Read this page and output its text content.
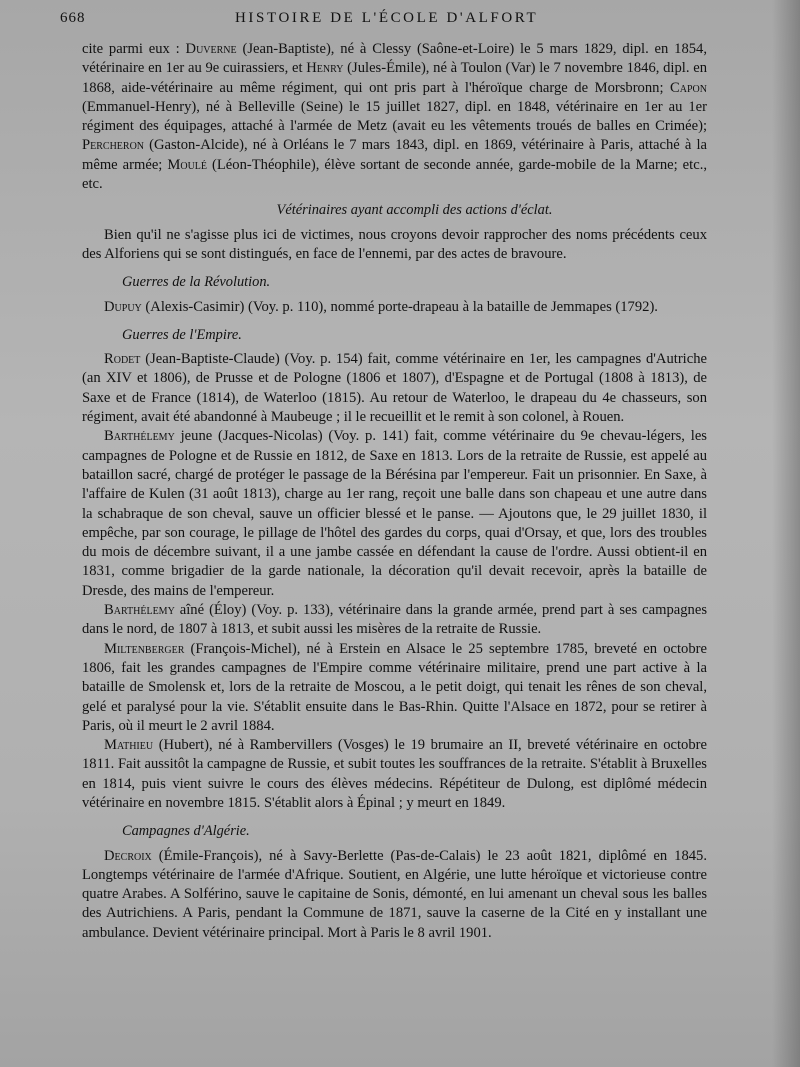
668	HISTOIRE DE L'ÉCOLE D'ALFORT

cite parmi eux : Duverne (Jean-Baptiste), né à Clessy (Saône-et-Loire) le 5 mars 1829, dipl. en 1854, vétérinaire en 1er au 9e cuirassiers, et Henry (Jules-Émile), né à Toulon (Var) le 7 novembre 1846, dipl. en 1868, aide-vétérinaire au même régiment, qui ont pris part à l'héroïque charge de Morsbronn; Capon (Emmanuel-Henry), né à Belleville (Seine) le 15 juillet 1827, dipl. en 1848, vétérinaire en 1er au 1er régiment des équipages, attaché à l'armée de Metz (avait eu les vêtements troués de balles en Crimée); Percheron (Gaston-Alcide), né à Orléans le 7 mars 1843, dipl. en 1869, vétérinaire à Paris, attaché à la même armée; Moulé (Léon-Théophile), élève sortant de seconde année, garde-mobile de la Marne; etc., etc.

Vétérinaires ayant accompli des actions d'éclat.

Bien qu'il ne s'agisse plus ici de victimes, nous croyons devoir rapprocher des noms précédents ceux des Alforiens qui se sont distingués, en face de l'ennemi, par des actes de bravoure.

Guerres de la Révolution.

Dupuy (Alexis-Casimir) (Voy. p. 110), nommé porte-drapeau à la bataille de Jemmapes (1792).

Guerres de l'Empire.

Rodet (Jean-Baptiste-Claude) (Voy. p. 154) fait, comme vétérinaire en 1er, les campagnes d'Autriche (an XIV et 1806), de Prusse et de Pologne (1806 et 1807), d'Espagne et de Portugal (1808 à 1813), de Saxe et de France (1814), de Waterloo (1815). Au retour de Waterloo, le drapeau du 4e chasseurs, son régiment, avait été abandonné à Maubeuge ; il le recueillit et le remit à son colonel, à Rouen.

Barthélemy jeune (Jacques-Nicolas) (Voy. p. 141) fait, comme vétérinaire du 9e chevau-légers, les campagnes de Pologne et de Russie en 1812, de Saxe en 1813. Lors de la retraite de Russie, est appelé au bataillon sacré, chargé de protéger le passage de la Bérésina par l'empereur. Fait un prisonnier. En Saxe, à l'affaire de Kulen (31 août 1813), charge au 1er rang, reçoit une balle dans son chapeau et une autre dans la schabraque de son cheval, sauve un officier blessé et le panse. — Ajoutons que, le 29 juillet 1830, il empêche, par son courage, le pillage de l'hôtel des gardes du corps, quai d'Orsay, et que, lors des troubles du mois de décembre suivant, il a une jambe cassée en défendant la cause de l'ordre. Aussi obtient-il en 1831, comme brigadier de la garde nationale, la décoration qu'il devait recevoir, après la bataille de Dresde, des mains de l'empereur.

Barthélemy aîné (Éloy) (Voy. p. 133), vétérinaire dans la grande armée, prend part à ses campagnes dans le nord, de 1807 à 1813, et subit aussi les misères de la retraite de Russie.

Miltenberger (François-Michel), né à Erstein en Alsace le 25 septembre 1785, breveté en octobre 1806, fait les grandes campagnes de l'Empire comme vétérinaire militaire, prend une part active à la bataille de Smolensk et, lors de la retraite de Moscou, a le petit doigt, qui tenait les rênes de son cheval, gelé et paralysé pour la vie. S'établit ensuite dans le Bas-Rhin. Quitte l'Alsace en 1872, pour se retirer à Paris, où il meurt le 2 avril 1884.

Mathieu (Hubert), né à Rambervillers (Vosges) le 19 brumaire an II, breveté vétérinaire en octobre 1811. Fait aussitôt la campagne de Russie, et subit toutes les souffrances de la retraite. S'établit à Bruxelles en 1814, puis vient suivre le cours des élèves médecins. Répétiteur de Dulong, est diplômé médecin vétérinaire en novembre 1815. S'établit alors à Épinal ; y meurt en 1849.

Campagnes d'Algérie.

Decroix (Émile-François), né à Savy-Berlette (Pas-de-Calais) le 23 août 1821, diplômé en 1845. Longtemps vétérinaire de l'armée d'Afrique. Soutient, en Algérie, une lutte héroïque et victorieuse contre quatre Arabes. A Solférino, sauve le capitaine de Sonis, démonté, en lui amenant un cheval sous les balles des Autrichiens. A Paris, pendant la Commune de 1871, sauve la caserne de la Cité en y installant une ambulance. Devient vétérinaire principal. Mort à Paris le 8 avril 1901.
